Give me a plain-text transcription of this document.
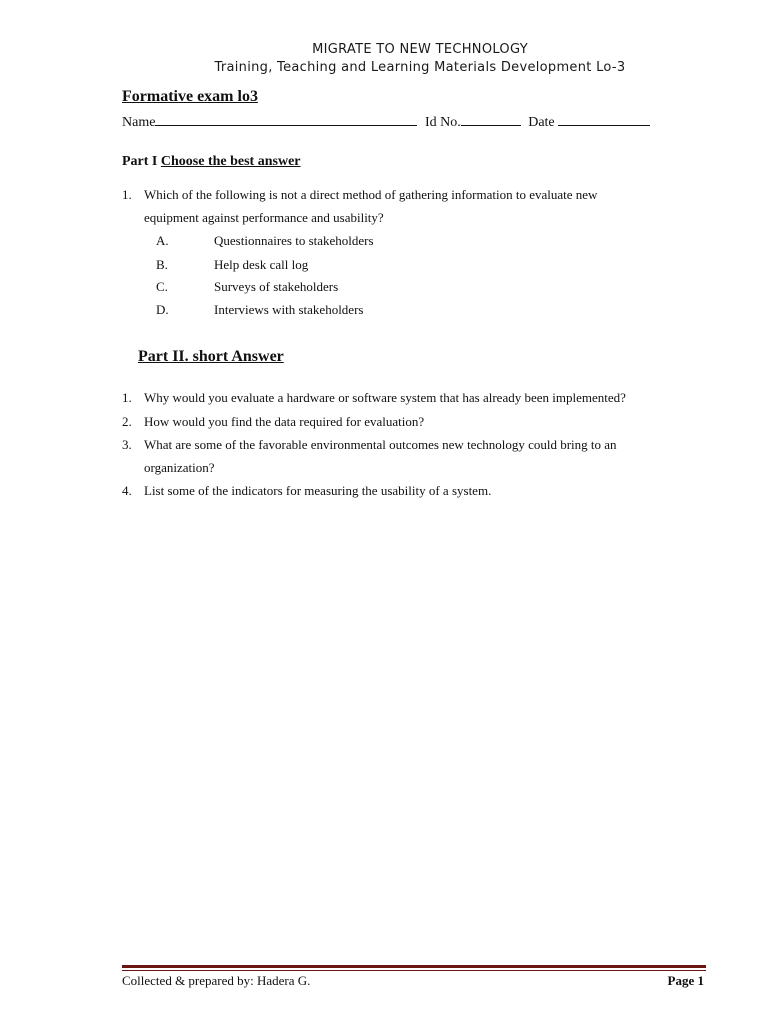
MIGRATE TO NEW TECHNOLOGY
Training, Teaching and Learning Materials Development Lo-3
Formative exam lo3
Name	Id No.	Date
Part I Choose the best answer
1. Which of the following is not a direct method of gathering information to evaluate new
equipment against performance and usability?
A.	Questionnaires to stakeholders
B.	Help desk call log
C.	Surveys of stakeholders
D.	Interviews with stakeholders
Part II. short Answer
1. Why would you evaluate a hardware or software system that has already been implemented?
2. How would you find the data required for evaluation?
3. What are some of the favorable environmental outcomes new technology could bring to an
organization?
4. List some of the indicators for measuring the usability of a system.
Collected & prepared by: Hadera G.	Page 1
